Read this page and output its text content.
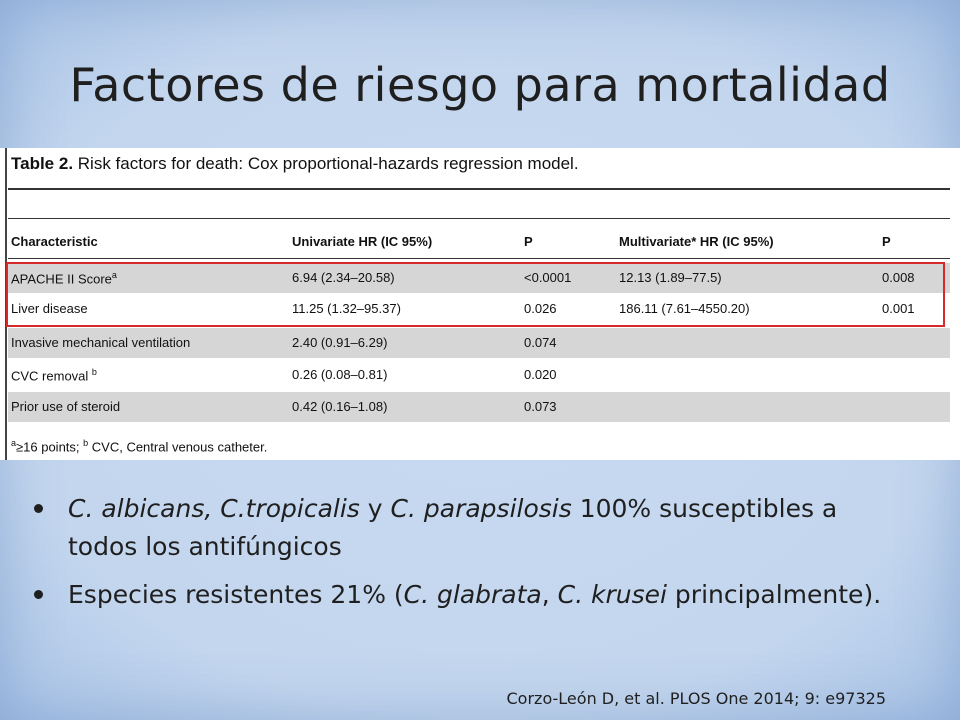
Factores de riesgo para mortalidad
Table 2. Risk factors for death: Cox proportional-hazards regression model.
Characteristic	Univariate HR (IC 95%)	P	Multivariate* HR (IC 95%)	P
APACHE II Score$^a$	6.94 (2.34–20.58)	<0.0001	12.13 (1.89–77.5)	0.008
Liver disease	11.25 (1.32–95.37)	0.026	186.11 (7.61–4550.20)	0.001
Invasive mechanical ventilation	2.40 (0.91–6.29)	0.074
CVC removal $^b$	0.26 (0.08–0.81)	0.020
Prior use of steroid	0.42 (0.16–1.08)	0.073
$^a$≥16 points; $^b$ CVC, Central venous catheter.
C. albicans, C.tropicalis y C. parapsilosis 100% susceptibles a todos los antifúngicos
Especies resistentes 21% (C. glabrata, C. krusei principalmente).
Corzo-León D, et al. PLOS One 2014; 9: e97325
